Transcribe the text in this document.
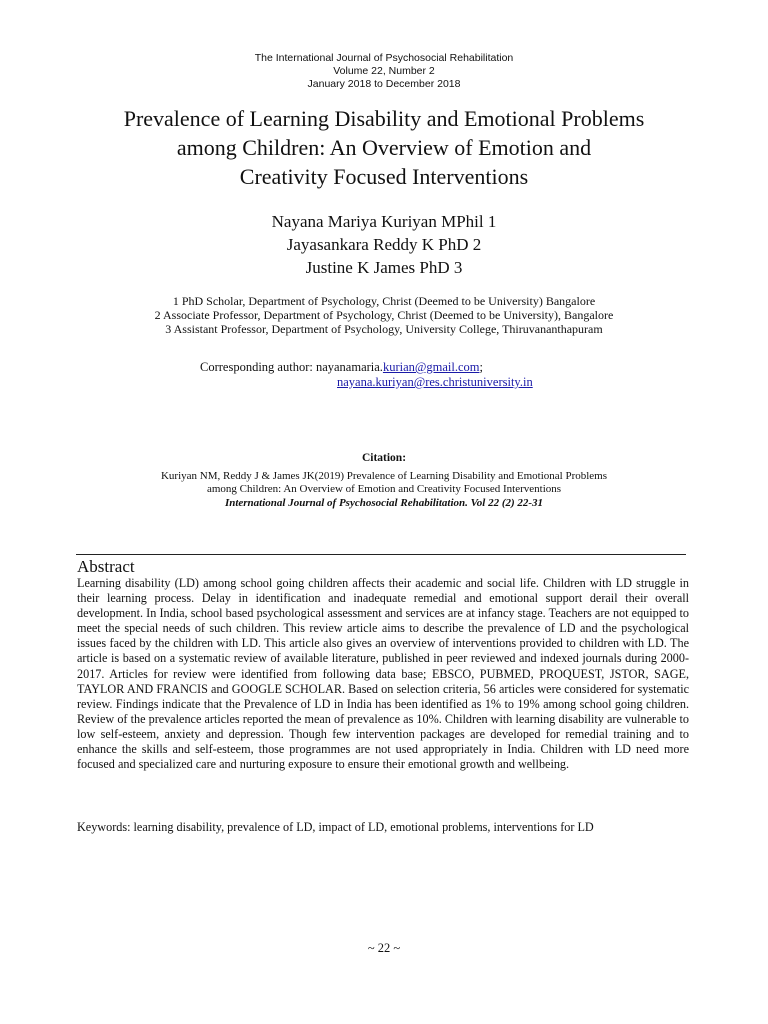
The International Journal of Psychosocial Rehabilitation
Volume 22, Number 2
January 2018 to December 2018
Prevalence of Learning Disability and Emotional Problems
among Children: An Overview of Emotion and
Creativity Focused Interventions
Nayana Mariya Kuriyan MPhil 1
Jayasankara Reddy K PhD 2
Justine K James PhD 3
1 PhD Scholar, Department of Psychology, Christ (Deemed to be University) Bangalore
2 Associate Professor, Department of Psychology, Christ (Deemed to be University), Bangalore
3 Assistant Professor, Department of Psychology, University College, Thiruvananthapuram
Corresponding author: nayanamaria.kurian@gmail.com;
nayana.kuriyan@res.christuniversity.in
Citation:
Kuriyan NM, Reddy J & James JK(2019) Prevalence of Learning Disability and Emotional Problems
among Children: An Overview of Emotion and Creativity Focused Interventions
International Journal of Psychosocial Rehabilitation. Vol 22 (2) 22-31
Abstract
Learning disability (LD) among school going children affects their academic and social life. Children with LD struggle in their learning process. Delay in identification and inadequate remedial and emotional support derail their overall development. In India, school based psychological assessment and services are at infancy stage. Teachers are not equipped to meet the special needs of such children. This review article aims to describe the prevalence of LD and the psychological issues faced by the children with LD. This article also gives an overview of interventions provided to children with LD. The article is based on a systematic review of available literature, published in peer reviewed and indexed journals during 2000-2017. Articles for review were identified from following data base; EBSCO, PUBMED, PROQUEST, JSTOR, SAGE, TAYLOR AND FRANCIS and GOOGLE SCHOLAR. Based on selection criteria, 56 articles were considered for systematic review. Findings indicate that the Prevalence of LD in India has been identified as 1% to 19% among school going children. Review of the prevalence articles reported the mean of prevalence as 10%. Children with learning disability are vulnerable to low self-esteem, anxiety and depression. Though few intervention packages are developed for remedial training and to enhance the skills and self-esteem, those programmes are not used appropriately in India. Children with LD need more focused and specialized care and nurturing exposure to ensure their emotional growth and wellbeing.
Keywords: learning disability, prevalence of LD, impact of LD, emotional problems, interventions for LD
~ 22 ~
